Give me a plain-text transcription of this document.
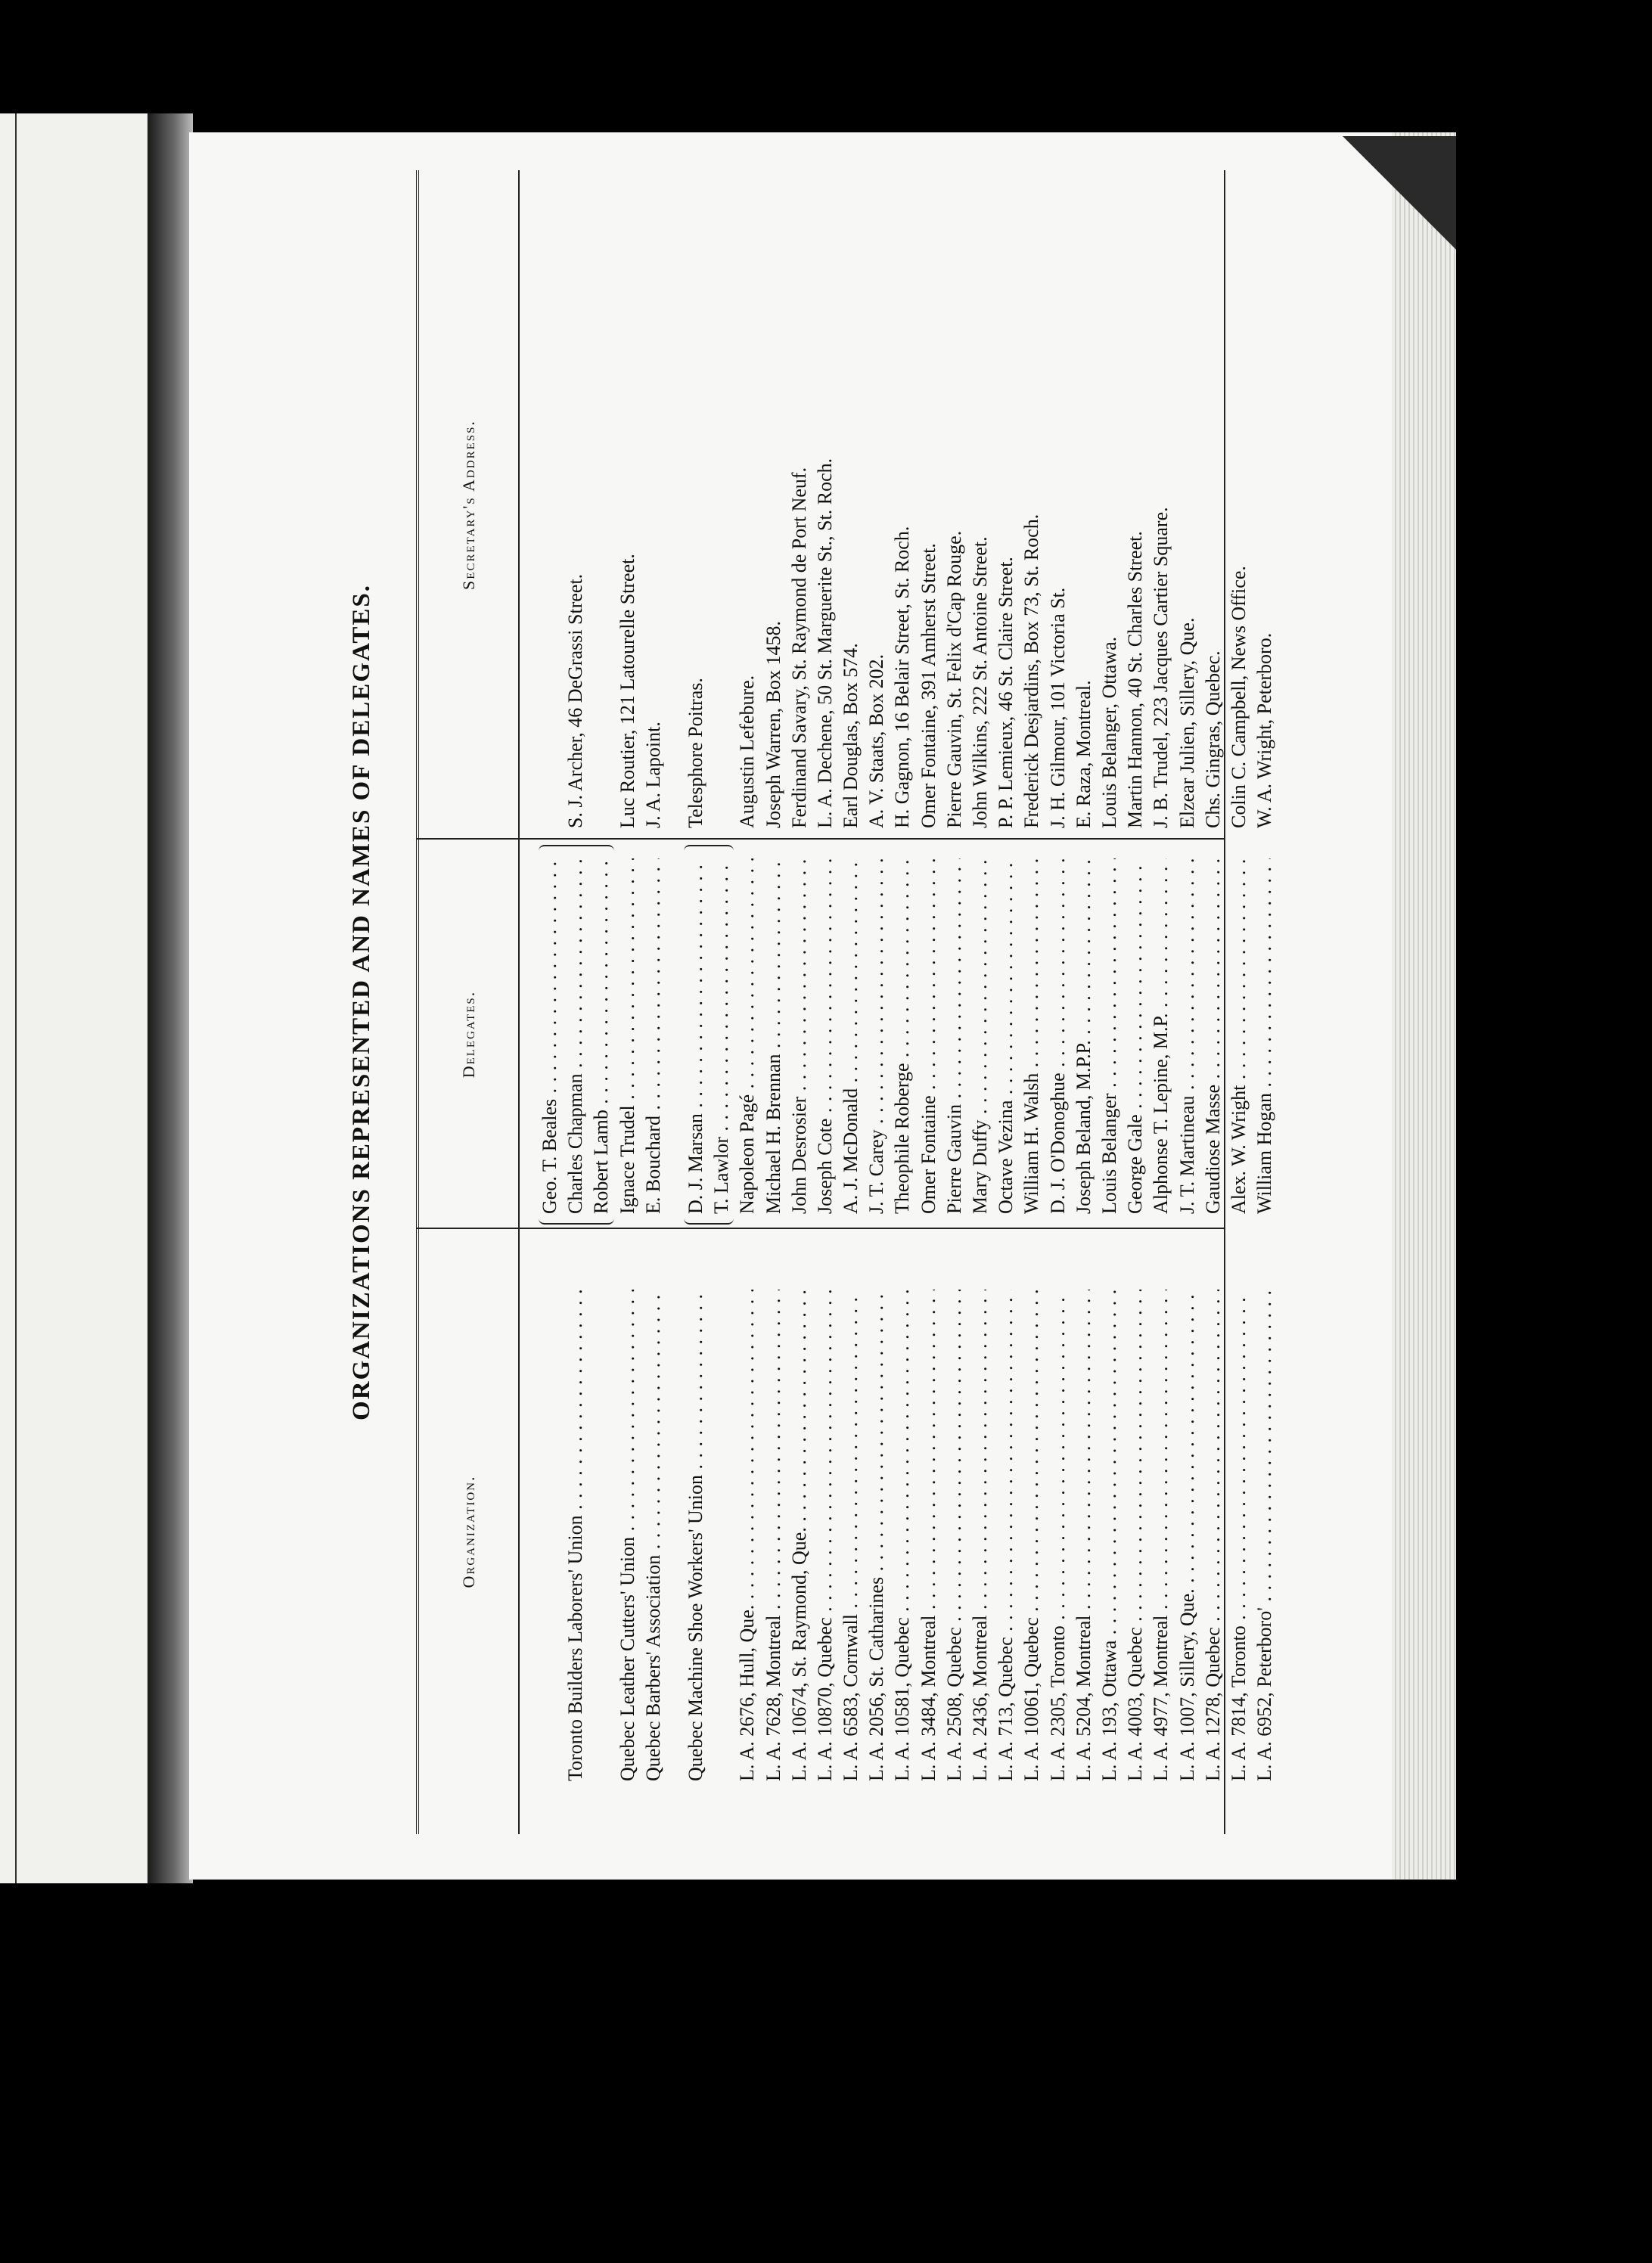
ORGANIZATIONS REPRESENTED AND NAMES OF DELEGATES.
Organization.
Delegates.
Secretary's Address.
Geo. T. Beales . . .
Toronto Builders Laborers' Union . . .
Charles Chapman . . .
S. J. Archer, 46 DeGrassi Street.
Robert Lamb . . .
Quebec Leather Cutters' Union . . .
Ignace Trudel . . .
Luc Routier, 121 Latourelle Street.
Quebec Barbers' Association . . .
E. Bouchard . . .
J. A. Lapoint.
Quebec Machine Shoe Workers' Union . . .
D. J. Marsan . . .
Telesphore Poitras.
T. Lawlor . . .
L. A. 2676, Hull, Que. . . .
Napoleon Pagé . . .
Augustin Lefebure.
L. A. 7628, Montreal . . .
Michael H. Brennan . . .
Joseph Warren, Box 1458.
L. A. 10674, St. Raymond, Que. . . .
John Desrosier . . .
Ferdinand Savary, St. Raymond de Port Neuf.
L. A. 10870, Quebec . . .
Joseph Cote . . .
L. A. Dechene, 50 St. Marguerite St., St. Roch.
L. A. 6583, Cornwall . . .
A. J. McDonald . . .
Earl Douglas, Box 574.
L. A. 2056, St. Catharines . . .
J. T. Carey . . .
A. V. Staats, Box 202.
L. A. 10581, Quebec . . .
Theophile Roberge . . .
H. Gagnon, 16 Belair Street, St. Roch.
L. A. 3484, Montreal . . .
Omer Fontaine . . .
Omer Fontaine, 391 Amherst Street.
L. A. 2508, Quebec . . .
Pierre Gauvin . . .
Pierre Gauvin, St. Felix d'Cap Rouge.
L. A. 2436, Montreal . . .
Mary Duffy . . .
John Wilkins, 222 St. Antoine Street.
L. A. 713, Quebec . . .
Octave Vezina . . .
P. P. Lemieux, 46 St. Claire Street.
L. A. 10061, Quebec . . .
William H. Walsh . . .
Frederick Desjardins, Box 73, St. Roch.
L. A. 2305, Toronto . . .
D. J. O'Donoghue . . .
J. H. Gilmour, 101 Victoria St.
L. A. 5204, Montreal . . .
Joseph Beland, M.P.P. . . .
E. Raza, Montreal.
L. A. 193, Ottawa . . .
Louis Belanger . . .
Louis Belanger, Ottawa.
L. A. 4003, Quebec . . .
George Gale . . .
Martin Hannon, 40 St. Charles Street.
L. A. 4977, Montreal . . .
Alphonse T. Lepine, M.P. . . .
J. B. Trudel, 223 Jacques Cartier Square.
L. A. 1007, Sillery, Que. . . .
J. T. Martineau . . .
Elzear Julien, Sillery, Que.
L. A. 1278, Quebec . . .
Gaudiose Masse . . .
Chs. Gingras, Quebec.
L. A. 7814, Toronto . . .
Alex. W. Wright . . .
Colin C. Campbell, News Office.
L. A. 6952, Peterboro' . . .
William Hogan . . .
W. A. Wright, Peterboro.
